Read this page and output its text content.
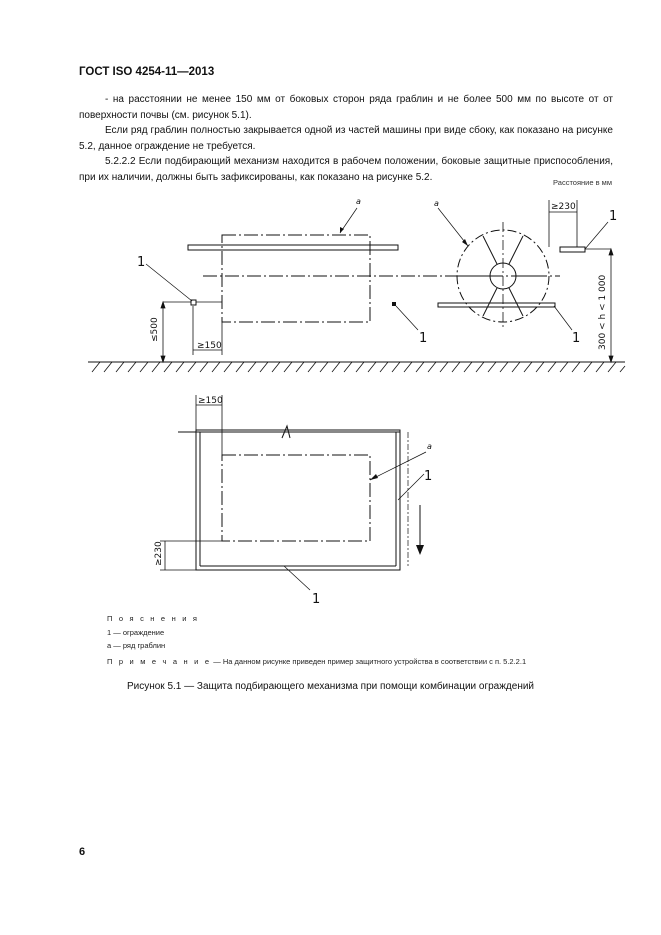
ГОСТ ISO 4254-11—2013

- на расстоянии не менее 150 мм от боковых сторон ряда граблин и не более 500 мм по высоте от от поверхности почвы (см. рисунок 5.1).

Если ряд граблин полностью закрывается одной из частей машины при виде сбоку, как показано на рисунке 5.2, данное ограждение не требуется.

5.2.2.2 Если подбирающий механизм находится в рабочем положении, боковые защитные приспособления, при их наличии, должны быть зафиксированы, как показано на рисунке 5.2.	Расстояние в мм
≤500
≥150
≥230
300 < h < 1 000
a	a
1
1	1
1
≥150
≥230
a
1
1
П о я с н е н и я
1 — ограждение
a — ряд граблин
П р и м е ч а н и е — На данном рисунке приведен пример защитного устройства в соответствии с п. 5.2.2.1
Рисунок 5.1 — Защита подбирающего механизма при помощи комбинации ограждений
6
